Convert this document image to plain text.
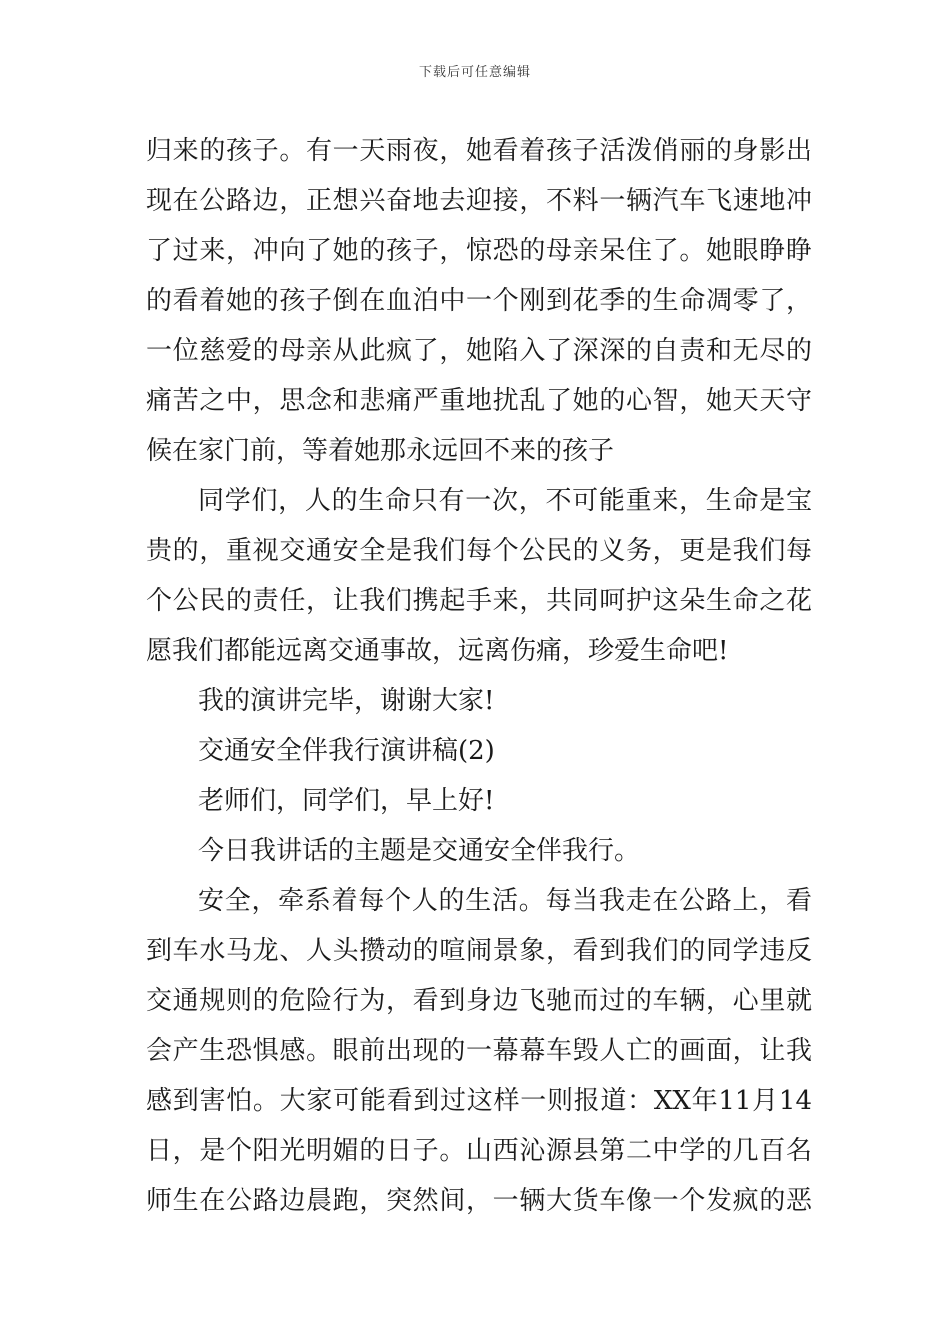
下载后可任意编辑
归来的孩子。有一天雨夜，她看着孩子活泼俏丽的身影出
现在公路边，正想兴奋地去迎接，不料一辆汽车飞速地冲
了过来，冲向了她的孩子，惊恐的母亲呆住了。她眼睁睁
的看着她的孩子倒在血泊中一个刚到花季的生命凋零了，
一位慈爱的母亲从此疯了，她陷入了深深的自责和无尽的
痛苦之中，思念和悲痛严重地扰乱了她的心智，她天天守
候在家门前，等着她那永远回不来的孩子
同学们，人的生命只有一次，不可能重来，生命是宝
贵的，重视交通安全是我们每个公民的义务，更是我们每
个公民的责任，让我们携起手来，共同呵护这朵生命之花
愿我们都能远离交通事故，远离伤痛，珍爱生命吧!
我的演讲完毕，谢谢大家!
交通安全伴我行演讲稿(2)
老师们，同学们，早上好!
今日我讲话的主题是交通安全伴我行。
安全，牵系着每个人的生活。每当我走在公路上，看
到车水马龙、人头攒动的喧闹景象，看到我们的同学违反
交通规则的危险行为，看到身边飞驰而过的车辆，心里就
会产生恐惧感。眼前出现的一幕幕车毁人亡的画面，让我
感到害怕。大家可能看到过这样一则报道：XX年11月14
日，是个阳光明媚的日子。山西沁源县第二中学的几百名
师生在公路边晨跑，突然间，一辆大货车像一个发疯的恶
